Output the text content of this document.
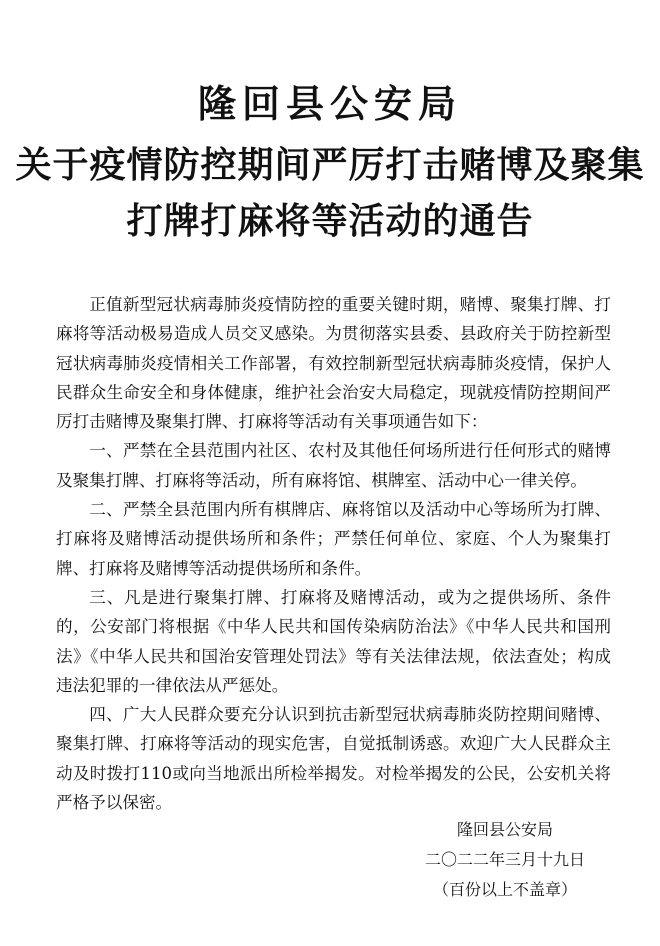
隆回县公安局
关于疫情防控期间严厉打击赌博及聚集
打牌打麻将等活动的通告

正值新型冠状病毒肺炎疫情防控的重要关键时期，赌博、聚集打牌、打麻将等活动极易造成人员交叉感染。为贯彻落实县委、县政府关于防控新型冠状病毒肺炎疫情相关工作部署，有效控制新型冠状病毒肺炎疫情，保护人民群众生命安全和身体健康，维护社会治安大局稳定，现就疫情防控期间严厉打击赌博及聚集打牌、打麻将等活动有关事项通告如下：

一、严禁在全县范围内社区、农村及其他任何场所进行任何形式的赌博及聚集打牌、打麻将等活动，所有麻将馆、棋牌室、活动中心一律关停。

二、严禁全县范围内所有棋牌店、麻将馆以及活动中心等场所为打牌、打麻将及赌博活动提供场所和条件；严禁任何单位、家庭、个人为聚集打牌、打麻将及赌博等活动提供场所和条件。

三、凡是进行聚集打牌、打麻将及赌博活动，或为之提供场所、条件的，公安部门将根据《中华人民共和国传染病防治法》《中华人民共和国刑法》《中华人民共和国治安管理处罚法》等有关法律法规，依法查处；构成违法犯罪的一律依法从严惩处。

四、广大人民群众要充分认识到抗击新型冠状病毒肺炎防控期间赌博、聚集打牌、打麻将等活动的现实危害，自觉抵制诱惑。欢迎广大人民群众主动及时拨打110或向当地派出所检举揭发。对检举揭发的公民，公安机关将严格予以保密。

隆回县公安局
二〇二二年三月十九日
（百份以上不盖章）
